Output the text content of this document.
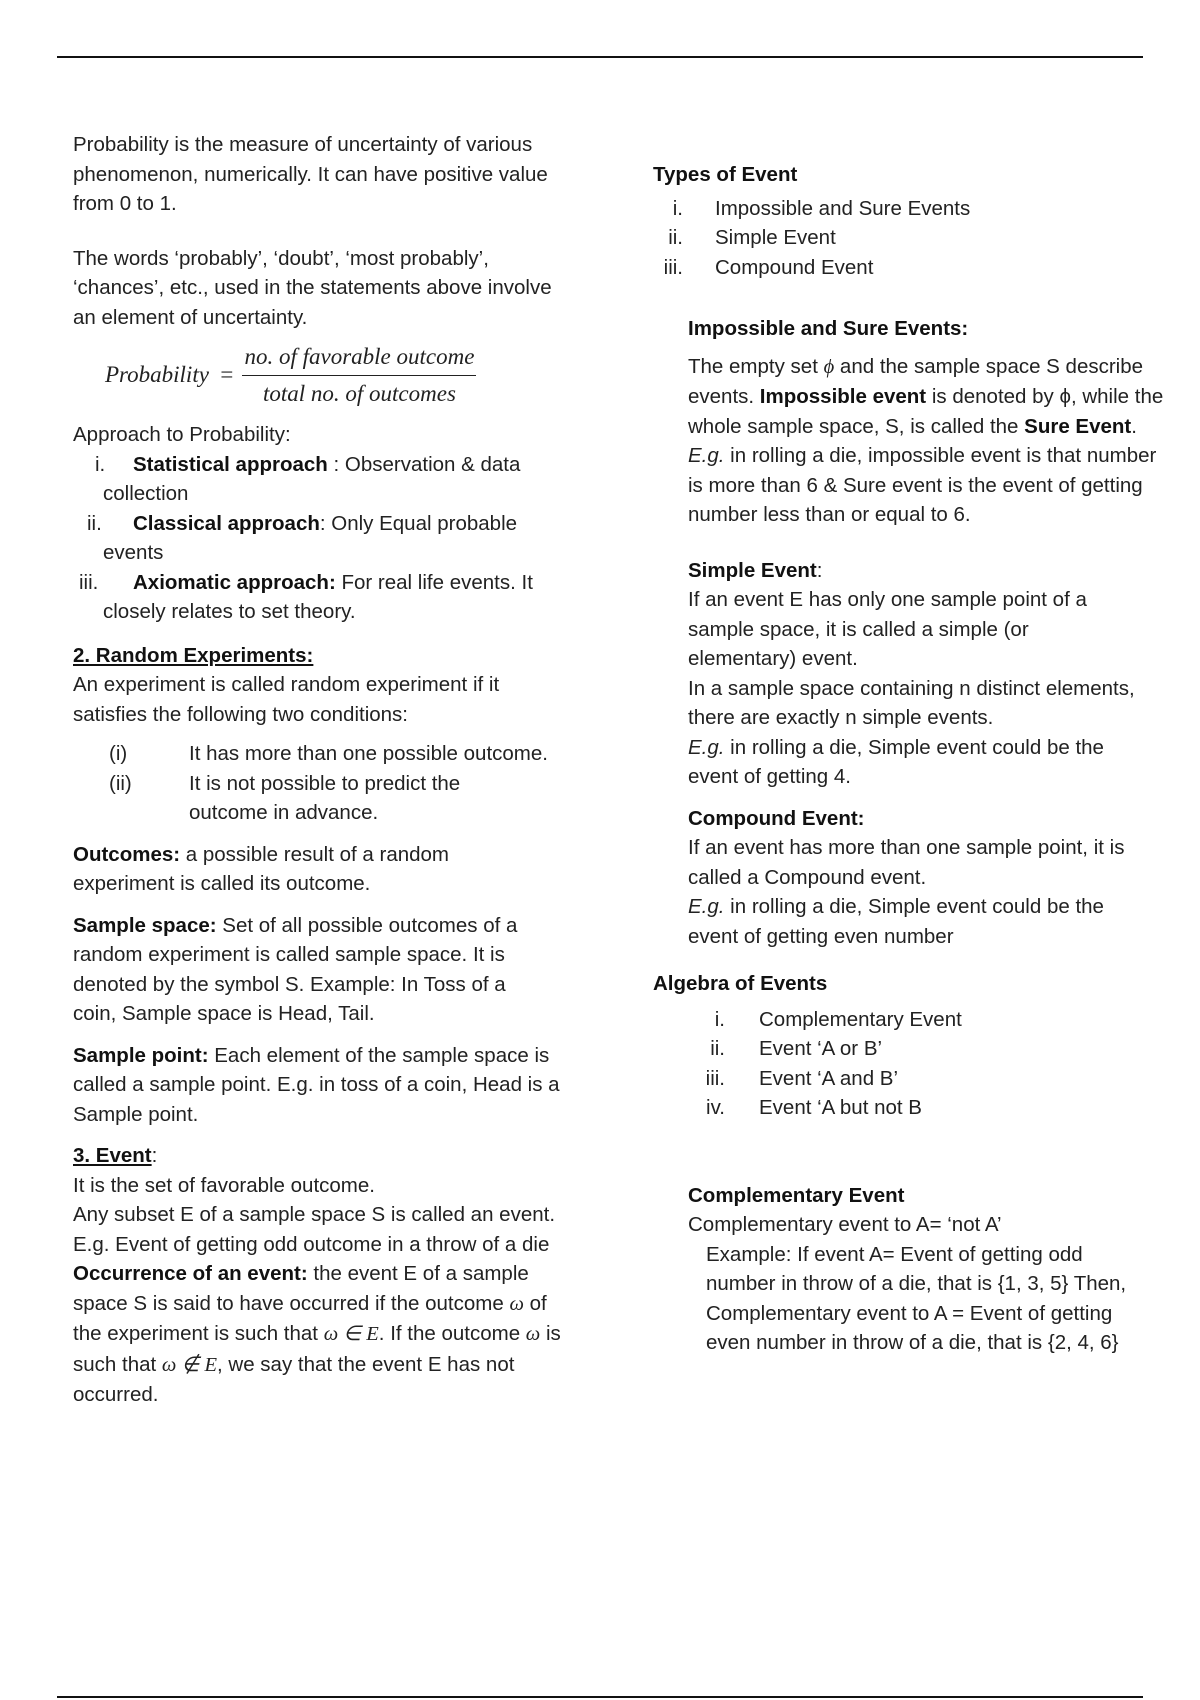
Probability is the measure of uncertainty of various phenomenon, numerically. It can have positive value from 0 to 1.

The words ‘probably’, ‘doubt’, ‘most probably’, ‘chances’, etc., used in the statements above involve an element of uncertainty.

Probability = $\frac{\text{no. of favorable outcome}}{\text{total no. of outcomes}}$

Approach to Probability:

i. Statistical approach : Observation & data collection

ii. Classical approach: Only Equal probable events

iii. Axiomatic approach: For real life events. It closely relates to set theory.

2. Random Experiments:

An experiment is called random experiment if it satisfies the following two conditions:

(i)	It has more than one possible outcome.
(ii)	It is not possible to predict the outcome in advance.

Outcomes: a possible result of a random experiment is called its outcome.

Sample space: Set of all possible outcomes of a random experiment is called sample space. It is denoted by the symbol S. Example: In Toss of a coin, Sample space is Head, Tail.

Sample point: Each element of the sample space is called a sample point. E.g. in toss of a coin, Head is a Sample point.

3. Event:

It is the set of favorable outcome.

Any subset E of a sample space S is called an event. E.g. Event of getting odd outcome in a throw of a die

Occurrence of an event: the event E of a sample space S is said to have occurred if the outcome ω of the experiment is such that ω ∈ E. If the outcome ω is such that ω ∉ E, we say that the event E has not occurred.

Types of Event

i. Impossible and Sure Events
ii. Simple Event
iii. Compound Event

Impossible and Sure Events:

The empty set ϕ and the sample space S describe events. Impossible event is denoted by ϕ, while the whole sample space, S, is called the Sure Event.

E.g. in rolling a die, impossible event is that number is more than 6 & Sure event is the event of getting number less than or equal to 6.

Simple Event:

If an event E has only one sample point of a sample space, it is called a simple (or elementary) event.

In a sample space containing n distinct elements, there are exactly n simple events.

E.g. in rolling a die, Simple event could be the event of getting 4.

Compound Event:

If an event has more than one sample point, it is called a Compound event.

E.g. in rolling a die, Simple event could be the event of getting even number

Algebra of Events

i. Complementary Event
ii. Event ‘A or B’
iii. Event ‘A and B’
iv. Event ‘A but not B

Complementary Event

Complementary event to A= ‘not A’

Example: If event A= Event of getting odd number in throw of a die, that is {1, 3, 5} Then, Complementary event to A = Event of getting even number in throw of a die, that is {2, 4, 6}
